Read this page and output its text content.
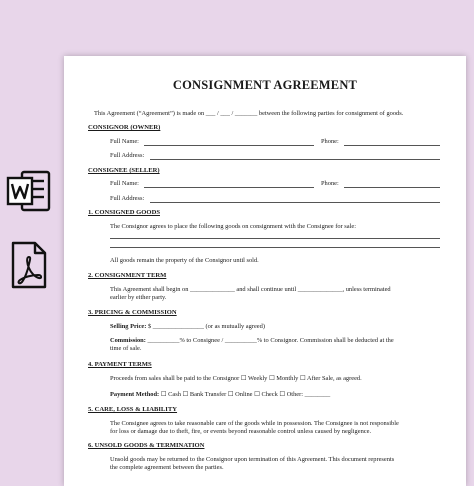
CONSIGNMENT AGREEMENT
This Agreement (“Agreement”) is made on ___ / ___ / _______ between the following parties for consignment of goods.
CONSIGNOR (OWNER)
Full Name:	Phone:
Full Address:
CONSIGNEE (SELLER)
Full Name:	Phone:
Full Address:
1. CONSIGNED GOODS
The Consignor agrees to place the following goods on consignment with the Consignee for sale:
All goods remain the property of the Consignor until sold.
2. CONSIGNMENT TERM
This Agreement shall begin on ______________ and shall continue until ______________, unless terminated
earlier by either party.
3. PRICING & COMMISSION
Selling Price: $ ________________ (or as mutually agreed)
Commission: __________% to Consignee / __________% to Consignor. Commission shall be deducted at the
time of sale.
4. PAYMENT TERMS
Proceeds from sales shall be paid to the Consignor ☐ Weekly ☐ Monthly ☐ After Sale, as agreed.
Payment Method: ☐ Cash ☐ Bank Transfer ☐ Online ☐ Check ☐ Other: ________
5. CARE, LOSS & LIABILITY
The Consignee agrees to take reasonable care of the goods while in possession. The Consignee is not responsible
for loss or damage due to theft, fire, or events beyond reasonable control unless caused by negligence.
6. UNSOLD GOODS & TERMINATION
Unsold goods may be returned to the Consignor upon termination of this Agreement. This document represents
the complete agreement between the parties.
